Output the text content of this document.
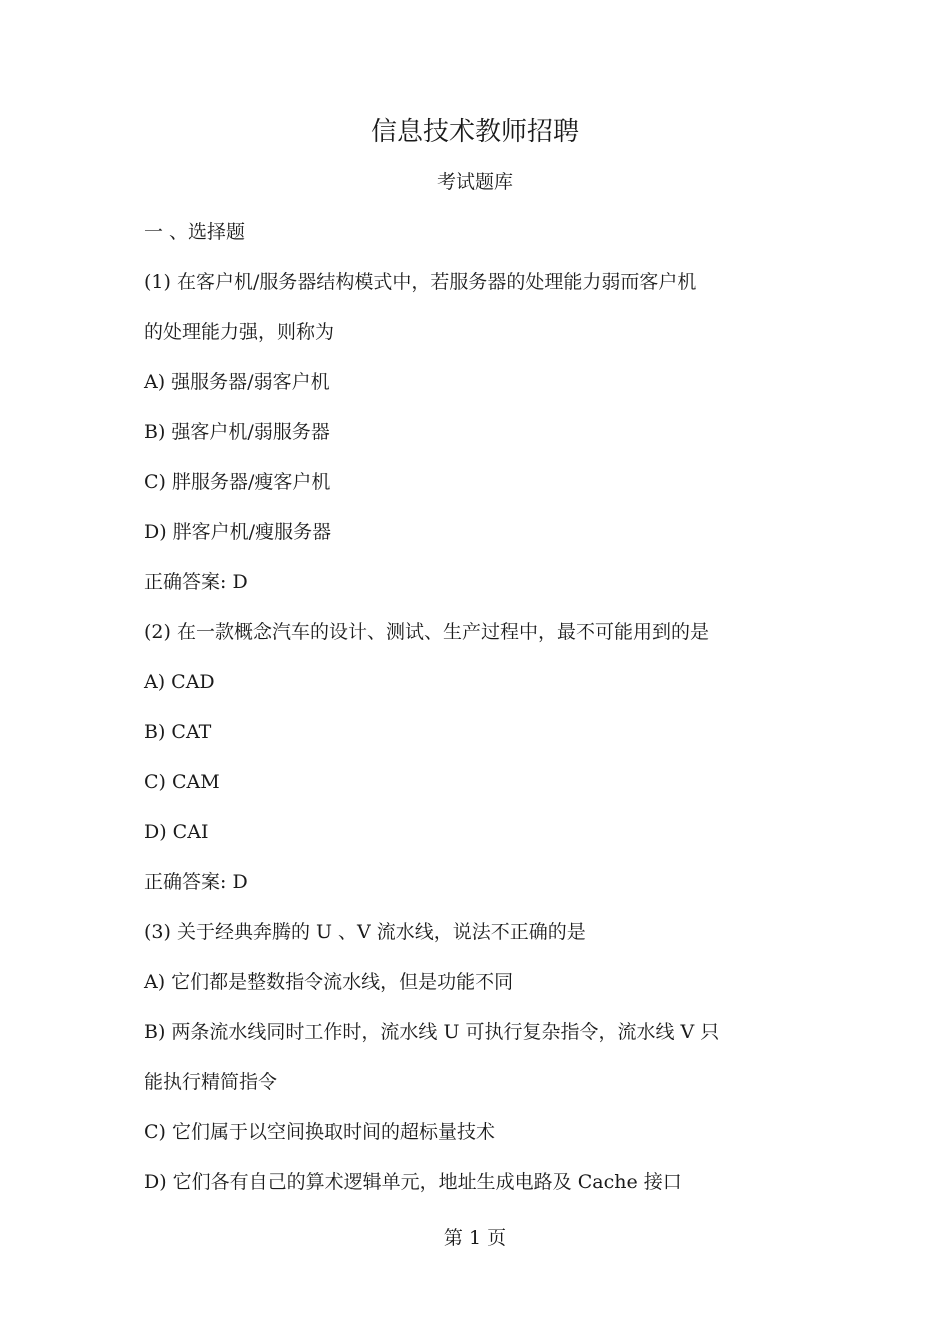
信息技术教师招聘
考试题库
一 、选择题
(1) 在客户机/服务器结构模式中，若服务器的处理能力弱而客户机
的处理能力强，则称为
A) 强服务器/弱客户机
B) 强客户机/弱服务器
C) 胖服务器/瘦客户机
D) 胖客户机/瘦服务器
正确答案: D
(2) 在一款概念汽车的设计、测试、生产过程中，最不可能用到的是
A) CAD
B) CAT
C) CAM
D) CAI
正确答案: D
(3) 关于经典奔腾的 U 、V 流水线，说法不正确的是
A) 它们都是整数指令流水线，但是功能不同
B) 两条流水线同时工作时，流水线 U 可执行复杂指令，流水线 V 只
能执行精简指令
C) 它们属于以空间换取时间的超标量技术
D) 它们各有自己的算术逻辑单元，地址生成电路及 Cache 接口
第 1 页
